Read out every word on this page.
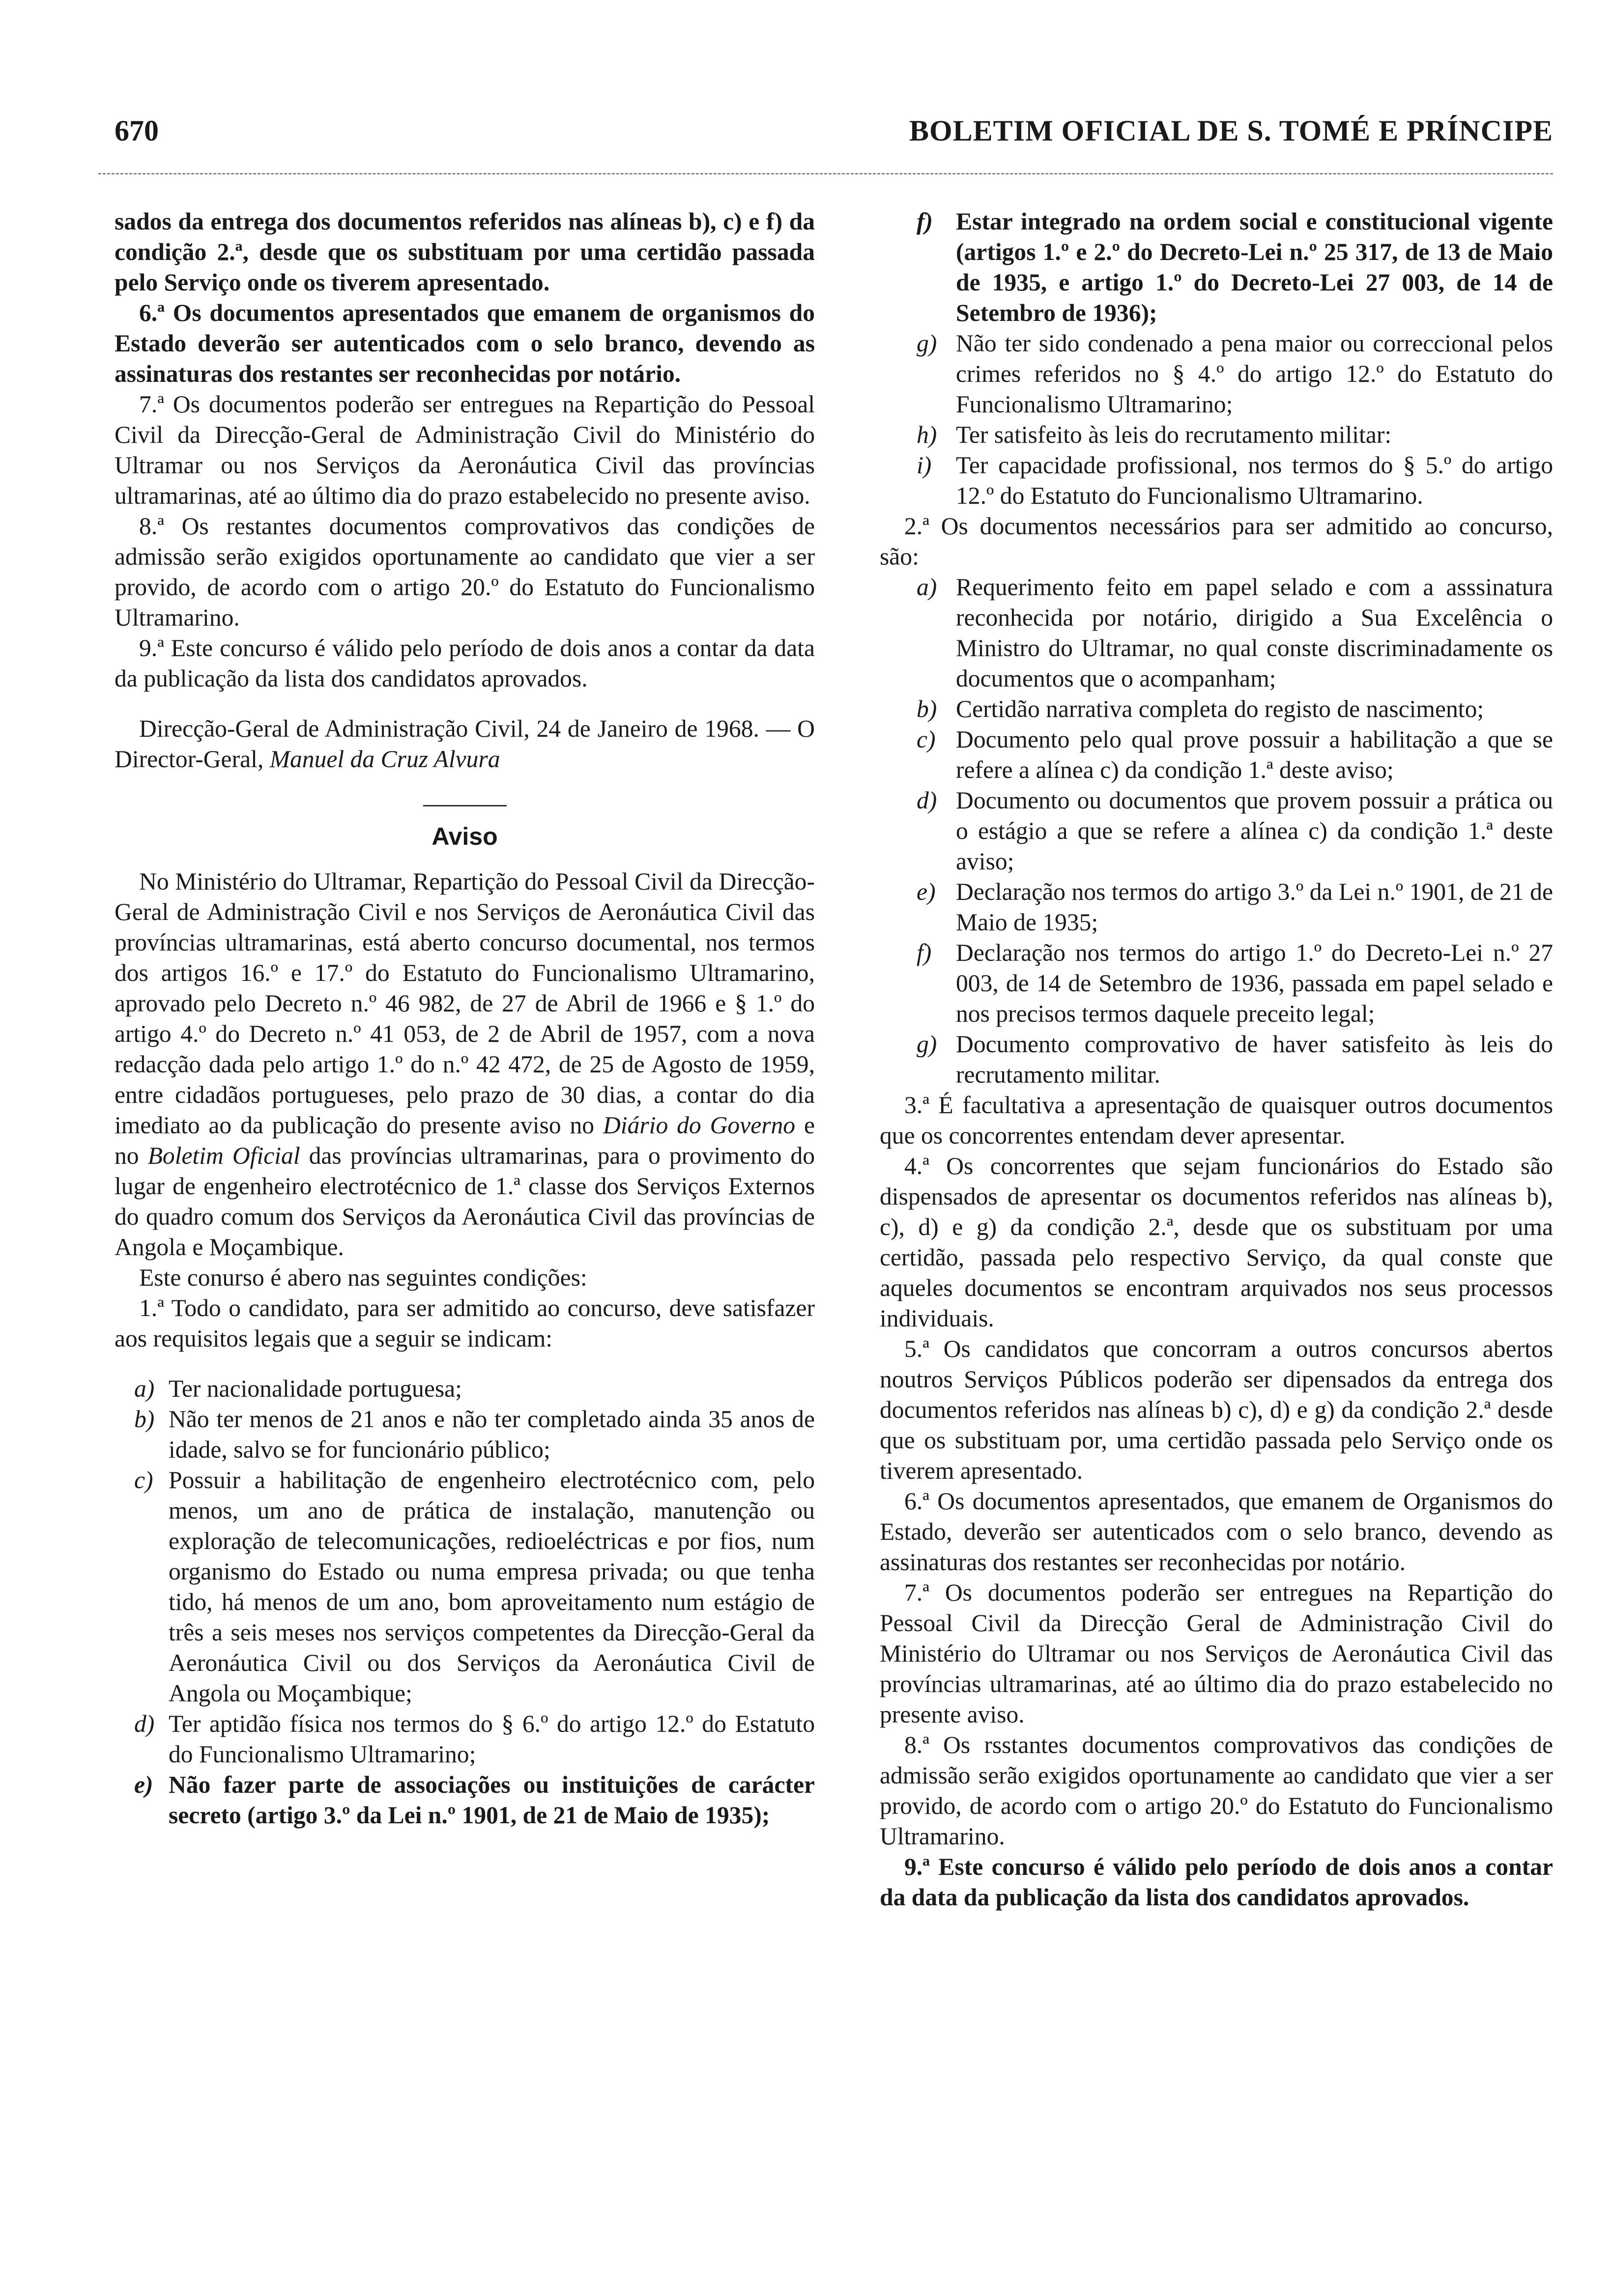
670	BOLETIM OFICIAL DE S. TOMÉ E PRÍNCIPE

sados da entrega dos documentos referidos nas alíneas b), c) e f) da condição 2.ª, desde que os substituam por uma certidão passada pelo Serviço onde os tiverem apresentado.

6.ª Os documentos apresentados que emanem de organismos do Estado deverão ser autenticados com o selo branco, devendo as assinaturas dos restantes ser reconhecidas por notário.

7.ª Os documentos poderão ser entregues na Repartição do Pessoal Civil da Direcção-Geral de Administração Civil do Ministério do Ultramar ou nos Serviços da Aeronáutica Civil das províncias ultramarinas, até ao último dia do prazo estabelecido no presente aviso.

8.ª Os restantes documentos comprovativos das condições de admissão serão exigidos oportunamente ao candidato que vier a ser provido, de acordo com o artigo 20.º do Estatuto do Funcionalismo Ultramarino.

9.ª Este concurso é válido pelo período de dois anos a contar da data da publicação da lista dos candidatos aprovados.

Direcção-Geral de Administração Civil, 24 de Janeiro de 1968. — O Director-Geral, Manuel da Cruz Alvura

Aviso

No Ministério do Ultramar, Repartição do Pessoal Civil da Direcção-Geral de Administração Civil e nos Serviços de Aeronáutica Civil das províncias ultramarinas, está aberto concurso documental, nos termos dos artigos 16.º e 17.º do Estatuto do Funcionalismo Ultramarino, aprovado pelo Decreto n.º 46 982, de 27 de Abril de 1966 e § 1.º do artigo 4.º do Decreto n.º 41 053, de 2 de Abril de 1957, com a nova redacção dada pelo artigo 1.º do n.º 42 472, de 25 de Agosto de 1959, entre cidadãos portugueses, pelo prazo de 30 dias, a contar do dia imediato ao da publicação do presente aviso no Diário do Governo e no Boletim Oficial das províncias ultramarinas, para o provimento do lugar de engenheiro electrotécnico de 1.ª classe dos Serviços Externos do quadro comum dos Serviços da Aeronáutica Civil das províncias de Angola e Moçambique.

Este conurso é abero nas seguintes condições:

1.ª Todo o candidato, para ser admitido ao concurso, deve satisfazer aos requisitos legais que a seguir se indicam:

a) Ter nacionalidade portuguesa;

b) Não ter menos de 21 anos e não ter completado ainda 35 anos de idade, salvo se for funcionário público;

c) Possuir a habilitação de engenheiro electrotécnico com, pelo menos, um ano de prática de instalação, manutenção ou exploração de telecomunicações, redioeléctricas e por fios, num organismo do Estado ou numa empresa privada; ou que tenha tido, há menos de um ano, bom aproveitamento num estágio de três a seis meses nos serviços competentes da Direcção-Geral da Aeronáutica Civil ou dos Serviços da Aeronáutica Civil de Angola ou Moçambique;

d) Ter aptidão física nos termos do § 6.º do artigo 12.º do Estatuto do Funcionalismo Ultramarino;

e) Não fazer parte de associações ou instituições de carácter secreto (artigo 3.º da Lei n.º 1901, de 21 de Maio de 1935);

f) Estar integrado na ordem social e constitucional vigente (artigos 1.º e 2.º do Decreto-Lei n.º 25 317, de 13 de Maio de 1935, e artigo 1.º do Decreto-Lei 27 003, de 14 de Setembro de 1936);

g) Não ter sido condenado a pena maior ou correccional pelos crimes referidos no § 4.º do artigo 12.º do Estatuto do Funcionalismo Ultramarino;

h) Ter satisfeito às leis do recrutamento militar:

i) Ter capacidade profissional, nos termos do § 5.º do artigo 12.º do Estatuto do Funcionalismo Ultramarino.

2.ª Os documentos necessários para ser admitido ao concurso, são:

a) Requerimento feito em papel selado e com a asssinatura reconhecida por notário, dirigido a Sua Excelência o Ministro do Ultramar, no qual conste discriminadamente os documentos que o acompanham;

b) Certidão narrativa completa do registo de nascimento;

c) Documento pelo qual prove possuir a habilitação a que se refere a alínea c) da condição 1.ª deste aviso;

d) Documento ou documentos que provem possuir a prática ou o estágio a que se refere a alínea c) da condição 1.ª deste aviso;

e) Declaração nos termos do artigo 3.º da Lei n.º 1901, de 21 de Maio de 1935;

f) Declaração nos termos do artigo 1.º do Decreto-Lei n.º 27 003, de 14 de Setembro de 1936, passada em papel selado e nos precisos termos daquele preceito legal;

g) Documento comprovativo de haver satisfeito às leis do recrutamento militar.

3.ª É facultativa a apresentação de quaisquer outros documentos que os concorrentes entendam dever apresentar.

4.ª Os concorrentes que sejam funcionários do Estado são dispensados de apresentar os documentos referidos nas alíneas b), c), d) e g) da condição 2.ª, desde que os substituam por uma certidão, passada pelo respectivo Serviço, da qual conste que aqueles documentos se encontram arquivados nos seus processos individuais.

5.ª Os candidatos que concorram a outros concursos abertos noutros Serviços Públicos poderão ser dipensados da entrega dos documentos referidos nas alíneas b) c), d) e g) da condição 2.ª desde que os substituam por, uma certidão passada pelo Serviço onde os tiverem apresentado.

6.ª Os documentos apresentados, que emanem de Organismos do Estado, deverão ser autenticados com o selo branco, devendo as assinaturas dos restantes ser reconhecidas por notário.

7.ª Os documentos poderão ser entregues na Repartição do Pessoal Civil da Direcção Geral de Administração Civil do Ministério do Ultramar ou nos Serviços de Aeronáutica Civil das províncias ultramarinas, até ao último dia do prazo estabelecido no presente aviso.

8.ª Os rsstantes documentos comprovativos das condições de admissão serão exigidos oportunamente ao candidato que vier a ser provido, de acordo com o artigo 20.º do Estatuto do Funcionalismo Ultramarino.

9.ª Este concurso é válido pelo período de dois anos a contar da data da publicação da lista dos candidatos aprovados.
